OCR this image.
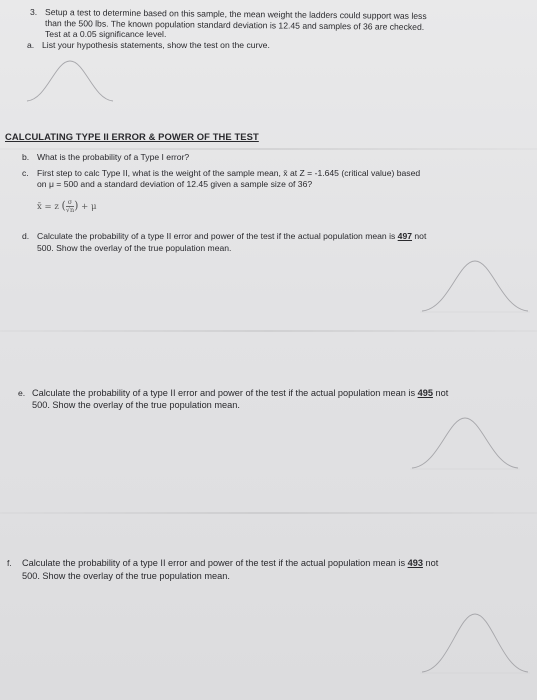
3. Setup a test to determine based on this sample, the mean weight the ladders could support was less
than the 500 lbs. The known population standard deviation is 12.45 and samples of 36 are checked.
Test at a 0.05 significance level.
a. List your hypothesis statements, show the test on the curve.
CALCULATING TYPE II ERROR & POWER OF THE TEST
b. What is the probability of a Type I error?
c. First step to calc Type II, what is the weight of the sample mean, x̄ at Z = -1.645 (critical value) based
on μ = 500 and a standard deviation of 12.45 given a sample size of 36?
x̄ = z ( $\frac{\sigma}{√n}$ ) + μ
d. Calculate the probability of a type II error and power of the test if the actual population mean is 497 not
500. Show the overlay of the true population mean.
e. Calculate the probability of a type II error and power of the test if the actual population mean is 495 not
500. Show the overlay of the true population mean.
f. Calculate the probability of a type II error and power of the test if the actual population mean is 493 not
500. Show the overlay of the true population mean.
